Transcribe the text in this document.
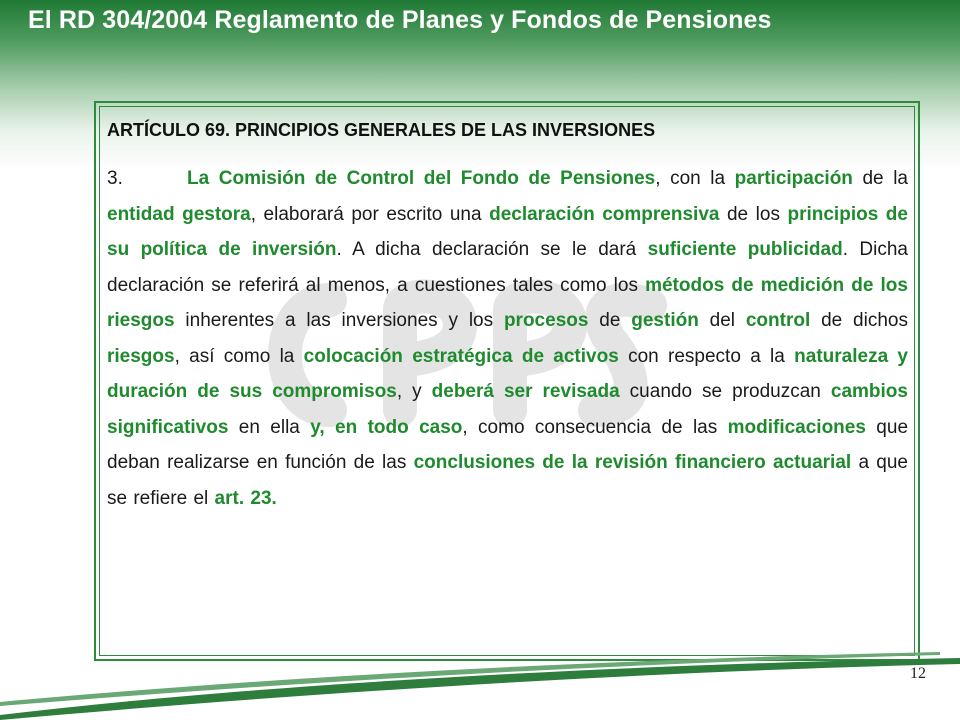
El RD 304/2004 Reglamento de Planes y Fondos de Pensiones

ARTÍCULO 69. PRINCIPIOS GENERALES DE LAS INVERSIONES

3.	La Comisión de Control del Fondo de Pensiones, con la participación de la entidad gestora, elaborará por escrito una declaración comprensiva de los principios de su política de inversión. A dicha declaración se le dará suficiente publicidad. Dicha declaración se referirá al menos, a cuestiones tales como los métodos de medición de los riesgos inherentes a las inversiones y los procesos de gestión del control de dichos riesgos, así como la colocación estratégica de activos con respecto a la naturaleza y duración de sus compromisos, y deberá ser revisada cuando se produzcan cambios significativos en ella y, en todo caso, como consecuencia de las modificaciones que deban realizarse en función de las conclusiones de la revisión financiero actuarial a que se refiere el art. 23.

12
